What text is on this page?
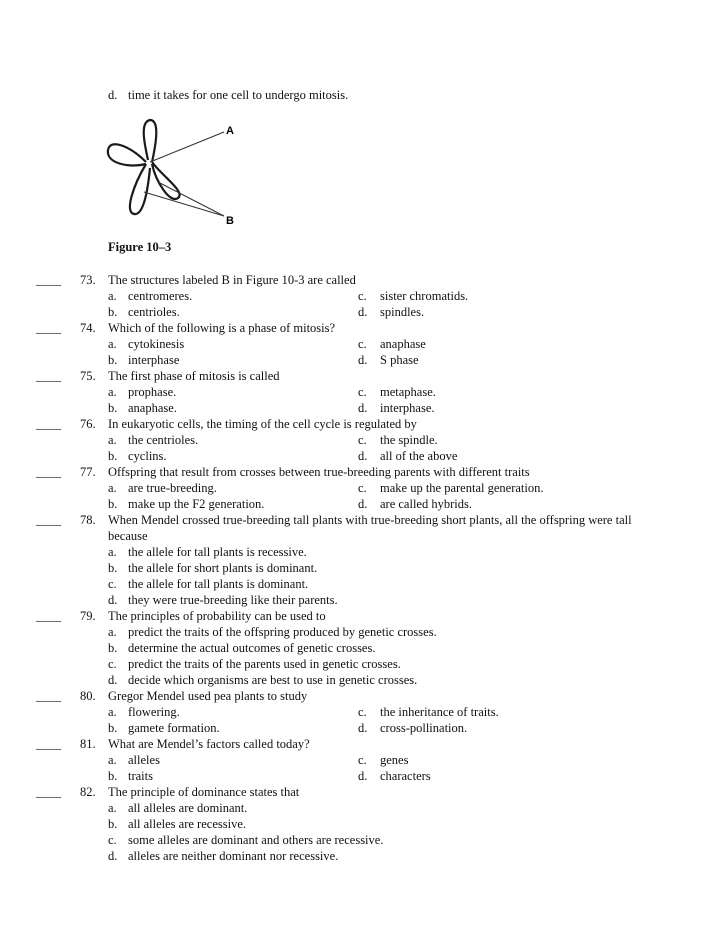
d. time it takes for one cell to undergo mitosis.
A
B
Figure 10–3
____ 73. The structures labeled B in Figure 10-3 are called
a. centromeres.	c. sister chromatids.
b. centrioles.	d. spindles.
____ 74. Which of the following is a phase of mitosis?
a. cytokinesis	c. anaphase
b. interphase	d. S phase
____ 75. The first phase of mitosis is called
a. prophase.	c. metaphase.
b. anaphase.	d. interphase.
____ 76. In eukaryotic cells, the timing of the cell cycle is regulated by
a. the centrioles.	c. the spindle.
b. cyclins.	d. all of the above
____ 77. Offspring that result from crosses between true-breeding parents with different traits
a. are true-breeding.	c. make up the parental generation.
b. make up the F2 generation.	d. are called hybrids.
____ 78. When Mendel crossed true-breeding tall plants with true-breeding short plants, all the offspring were tall
because
a. the allele for tall plants is recessive.
b. the allele for short plants is dominant.
c. the allele for tall plants is dominant.
d. they were true-breeding like their parents.
____ 79. The principles of probability can be used to
a. predict the traits of the offspring produced by genetic crosses.
b. determine the actual outcomes of genetic crosses.
c. predict the traits of the parents used in genetic crosses.
d. decide which organisms are best to use in genetic crosses.
____ 80. Gregor Mendel used pea plants to study
a. flowering.	c. the inheritance of traits.
b. gamete formation.	d. cross-pollination.
____ 81. What are Mendel’s factors called today?
a. alleles	c. genes
b. traits	d. characters
____ 82. The principle of dominance states that
a. all alleles are dominant.
b. all alleles are recessive.
c. some alleles are dominant and others are recessive.
d. alleles are neither dominant nor recessive.
